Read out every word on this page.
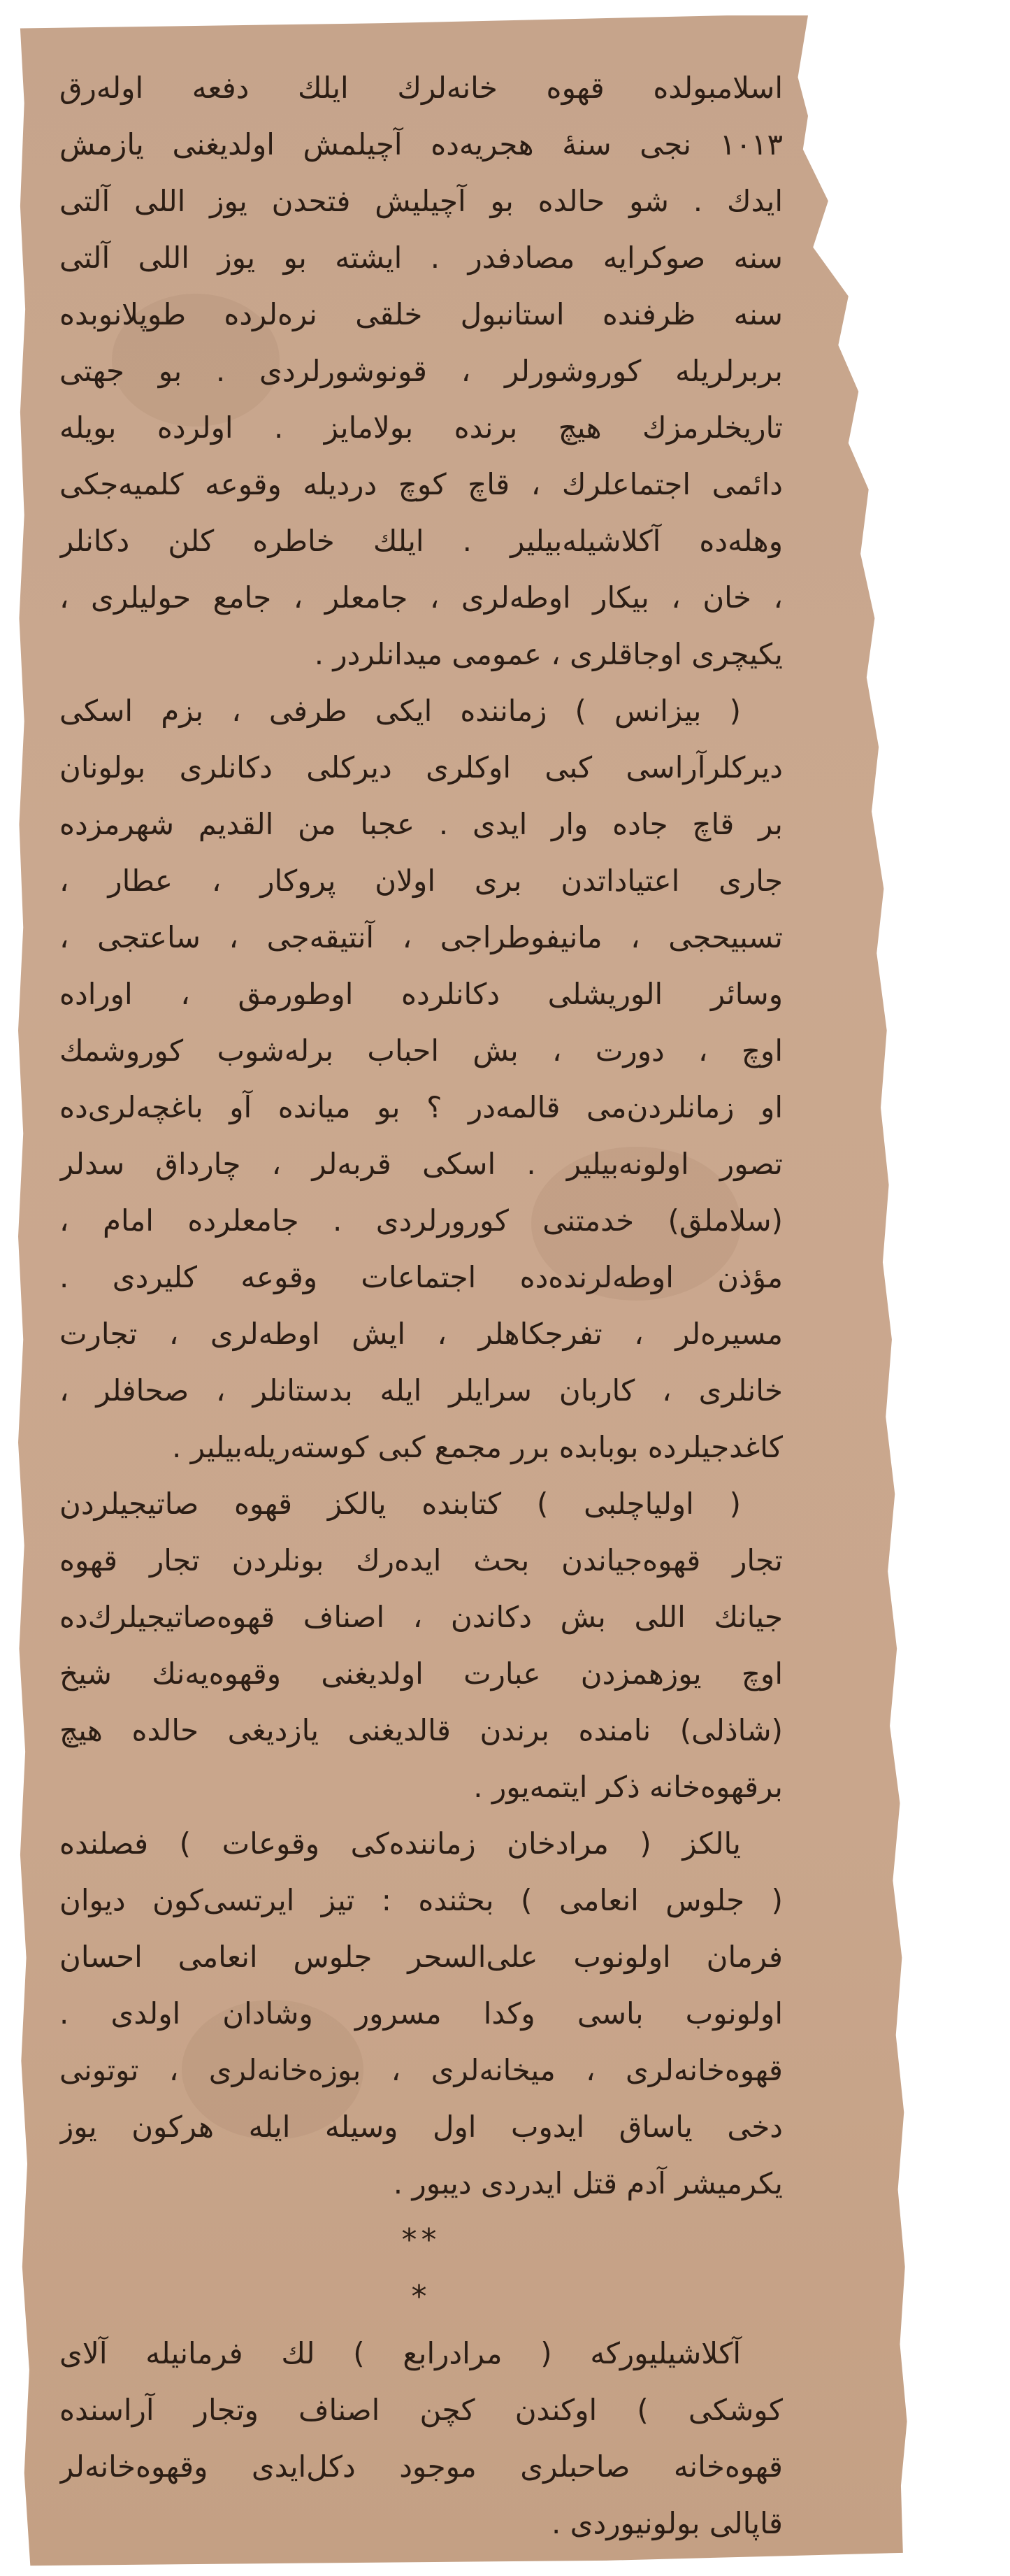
اسلامبولده قهوه خانه‌لرك ايلك دفعه اوله‌رق
١٠١٣ نجی سنهٔ هجریه‌ده آچیلمش اولدیغنی یازمش
ایدك . شو حالده بو آچیلیش فتحدن یوز اللی آلتی
سنه صوكرایه مصادفدر . ایشته بو یوز اللی آلتی
سنه ظرفنده استانبول خلقی نره‌لرده طوپلانوبده
بربرلریله كوروشورلر ، قونوشورلردی . بو جهتی
تاریخلرمزك هیچ برنده بولامایز . اولرده بویله
دائمی اجتماعلرك ، قاچ كوچ دردیله وقوعه كلمیه‌جكی
وهله‌ده آكلاشیله‌بیلیر . ایلك خاطره كلن دكانلر
، خان ، بیكار اوطه‌لری ، جامعلر ، جامع حولیلری ،
یكیچری اوجاقلری ، عمومی میدانلردر .
( بیزانس ) زماننده ایكی طرفی ، بزم اسكی
دیركلرآراسی كبی اوكلری دیركلی دكانلری بولونان
بر قاچ جاده وار ایدی . عجبا من القدیم شهرمزده
جاری اعتیاداتدن بری اولان پروكار ، عطار ،
تسبیحجی ، مانیفوطراجی ، آنتیقه‌جی ، ساعتجی ،
وسائر الوریشلی دكانلرده اوطورمق ، اوراده
اوچ ، دورت ، بش احباب برله‌شوب كوروشمك
او زمانلردن‌می قالمه‌در ؟ بو میانده آو باغچه‌لری‌ده
تصور اولونه‌بیلیر . اسكی قربه‌لر ، چارداق سدلر
(سلاملق) خدمتنی كورورلردی . جامعلرده امام ،
مؤذن اوطه‌لرنده‌ده اجتماعات وقوعه كلیردی .
مسیره‌لر ، تفرجكاهلر ، ایش اوطه‌لری ، تجارت
خانلری ، كاربان سرایلر ایله بدستانلر ، صحافلر ،
كاغدجیلرده بوبابده برر مجمع كبی كوسته‌ریله‌بیلیر .
( اولیاچلبی ) كتابنده یالكز قهوه صاتیجیلردن
تجار قهوه‌جیاندن بحث ایده‌رك بونلردن تجار قهوه
جیانك اللی بش دكاندن ، اصناف قهوه‌صاتیجیلرك‌ده
اوچ یوزهمزدن عبارت اولدیغنی وقهوه‌یه‌نك شیخ
(شاذلی) نامنده برندن قالدیغنی یازدیغی حالده هیچ
برقهوه‌خانه ذكر ایتمه‌یور .
یالكز ( مرادخان زماننده‌كی وقوعات ) فصلنده
( جلوس انعامی ) بحثنده : تیز ایرتسی‌كون دیوان
فرمان اولونوب علی‌السحر جلوس انعامی احسان
اولونوب باسی وكدا مسرور وشادان اولدی .
قهوه‌خانه‌لری ، میخانه‌لری ، بوزه‌خانه‌لری ، توتونی
دخی یاساق ایدوب اول وسیله ایله هركون یوز
یكرمیشر آدم قتل ایدردی دیبور .
**
*
آكلاشیلیوركه ( مرادرابع ) لك فرمانیله آلای
كوشكی ) اوكندن كچن اصناف وتجار آراسنده
قهوه‌خانه صاحبلری موجود دكل‌ایدی وقهوه‌خانه‌لر
قاپالی بولونیوردی .
